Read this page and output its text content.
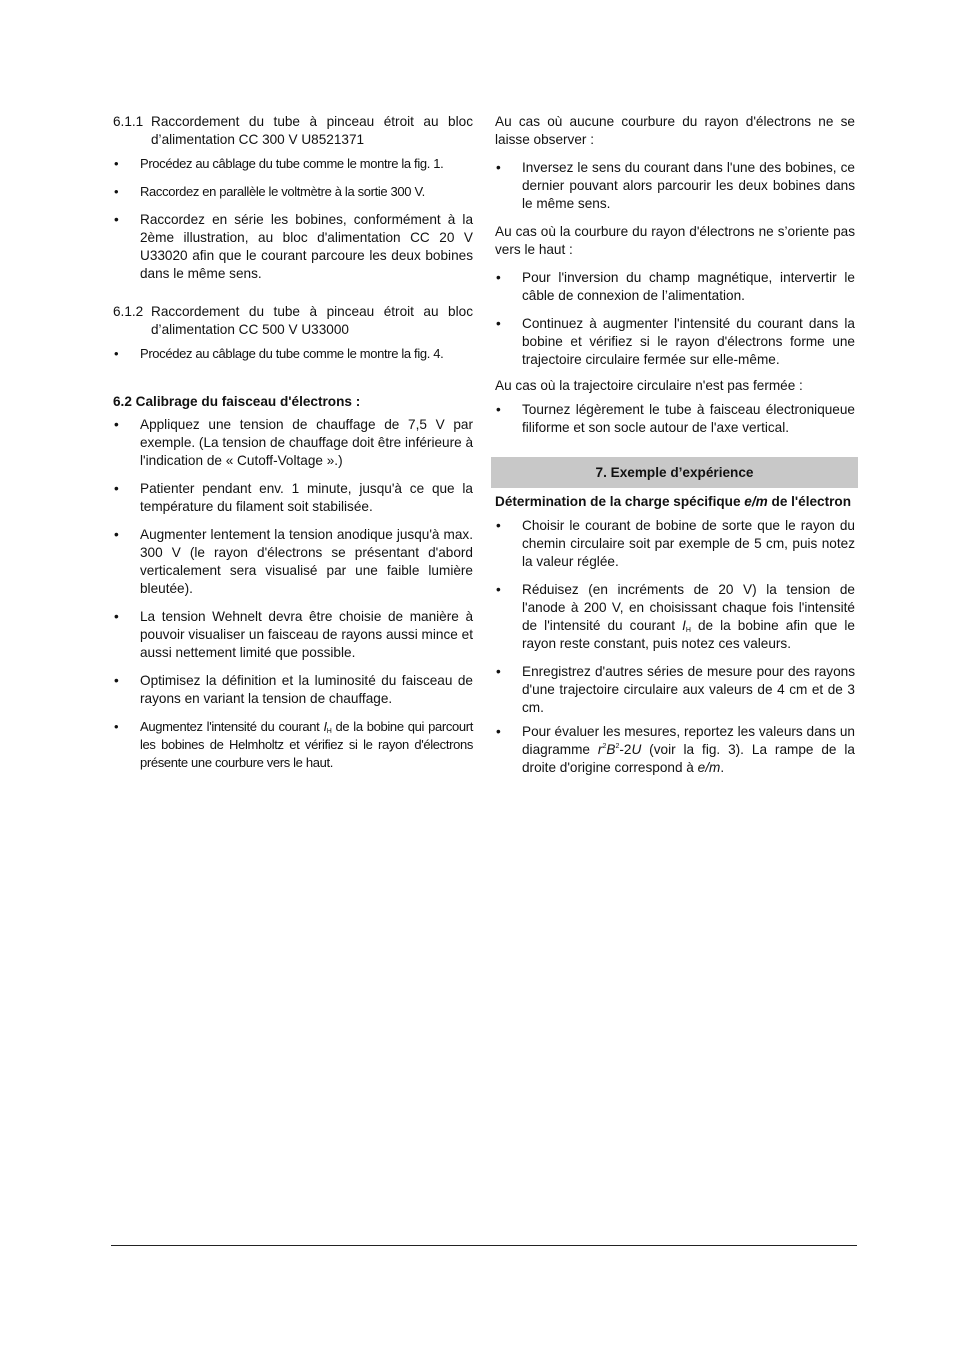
6.1.1 Raccordement du tube à pinceau étroit au bloc d’alimentation CC 300 V U8521371
• Procédez au câblage du tube comme le montre la fig. 1.
• Raccordez en parallèle le voltmètre à la sortie 300 V.
• Raccordez en série les bobines, conformément à la 2ème illustration, au bloc d'alimentation CC 20 V U33020 afin que le courant parcoure les deux bobines dans le même sens.
6.1.2 Raccordement du tube à pinceau étroit au bloc d’alimentation CC 500 V U33000
• Procédez au câblage du tube comme le montre la fig. 4.

6.2 Calibrage du faisceau d'électrons :

• Appliquez une tension de chauffage de 7,5 V par exemple. (La tension de chauffage doit être inférieure à l'indication de « Cutoff-Voltage ».)
• Patienter pendant env. 1 minute, jusqu'à ce que la température du filament soit stabilisée.
• Augmenter lentement la tension anodique jusqu'à max. 300 V (le rayon d'électrons se présentant d'abord verticalement sera visualisé par une faible lumière bleutée).
• La tension Wehnelt devra être choisie de manière à pouvoir visualiser un faisceau de rayons aussi mince et aussi nettement limité que possible.
• Optimisez la définition et la luminosité du faisceau de rayons en variant la tension de chauffage.
• Augmentez l'intensité du courant $I_H$ de la bobine qui parcourt les bobines de Helmholtz et vérifiez si le rayon d'électrons présente une courbure vers le haut.

Au cas où aucune courbure du rayon d'électrons ne se laisse observer :

• Inversez le sens du courant dans l'une des bobines, ce dernier pouvant alors parcourir les deux bobines dans le même sens.

Au cas où la courbure du rayon d'électrons ne s’oriente pas vers le haut :

• Pour l'inversion du champ magnétique, intervertir le câble de connexion de l’alimentation.
• Continuez à augmenter l'intensité du courant dans la bobine et vérifiez si le rayon d'électrons forme une trajectoire circulaire fermée sur elle-même.

Au cas où la trajectoire circulaire n'est pas fermée :

• Tournez légèrement le tube à faisceau électroniqueue filiforme et son socle autour de l'axe vertical.
7. Exemple d’expérience

Détermination de la charge spécifique e/m de l'électron

• Choisir le courant de bobine de sorte que le rayon du chemin circulaire soit par exemple de 5 cm, puis notez la valeur réglée.
• Réduisez (en incréments de 20 V) la tension de l'anode à 200 V, en choisissant chaque fois l'intensité de l'intensité du courant $I_H$ de la bobine afin que le rayon reste constant, puis notez ces valeurs.
• Enregistrez d'autres séries de mesure pour des rayons d'une trajectoire circulaire aux valeurs de 4 cm et de 3 cm.
• Pour évaluer les mesures, reportez les valeurs dans un diagramme $r^2B^2-2U$ (voir la fig. 3). La rampe de la droite d'origine correspond à e/m.
